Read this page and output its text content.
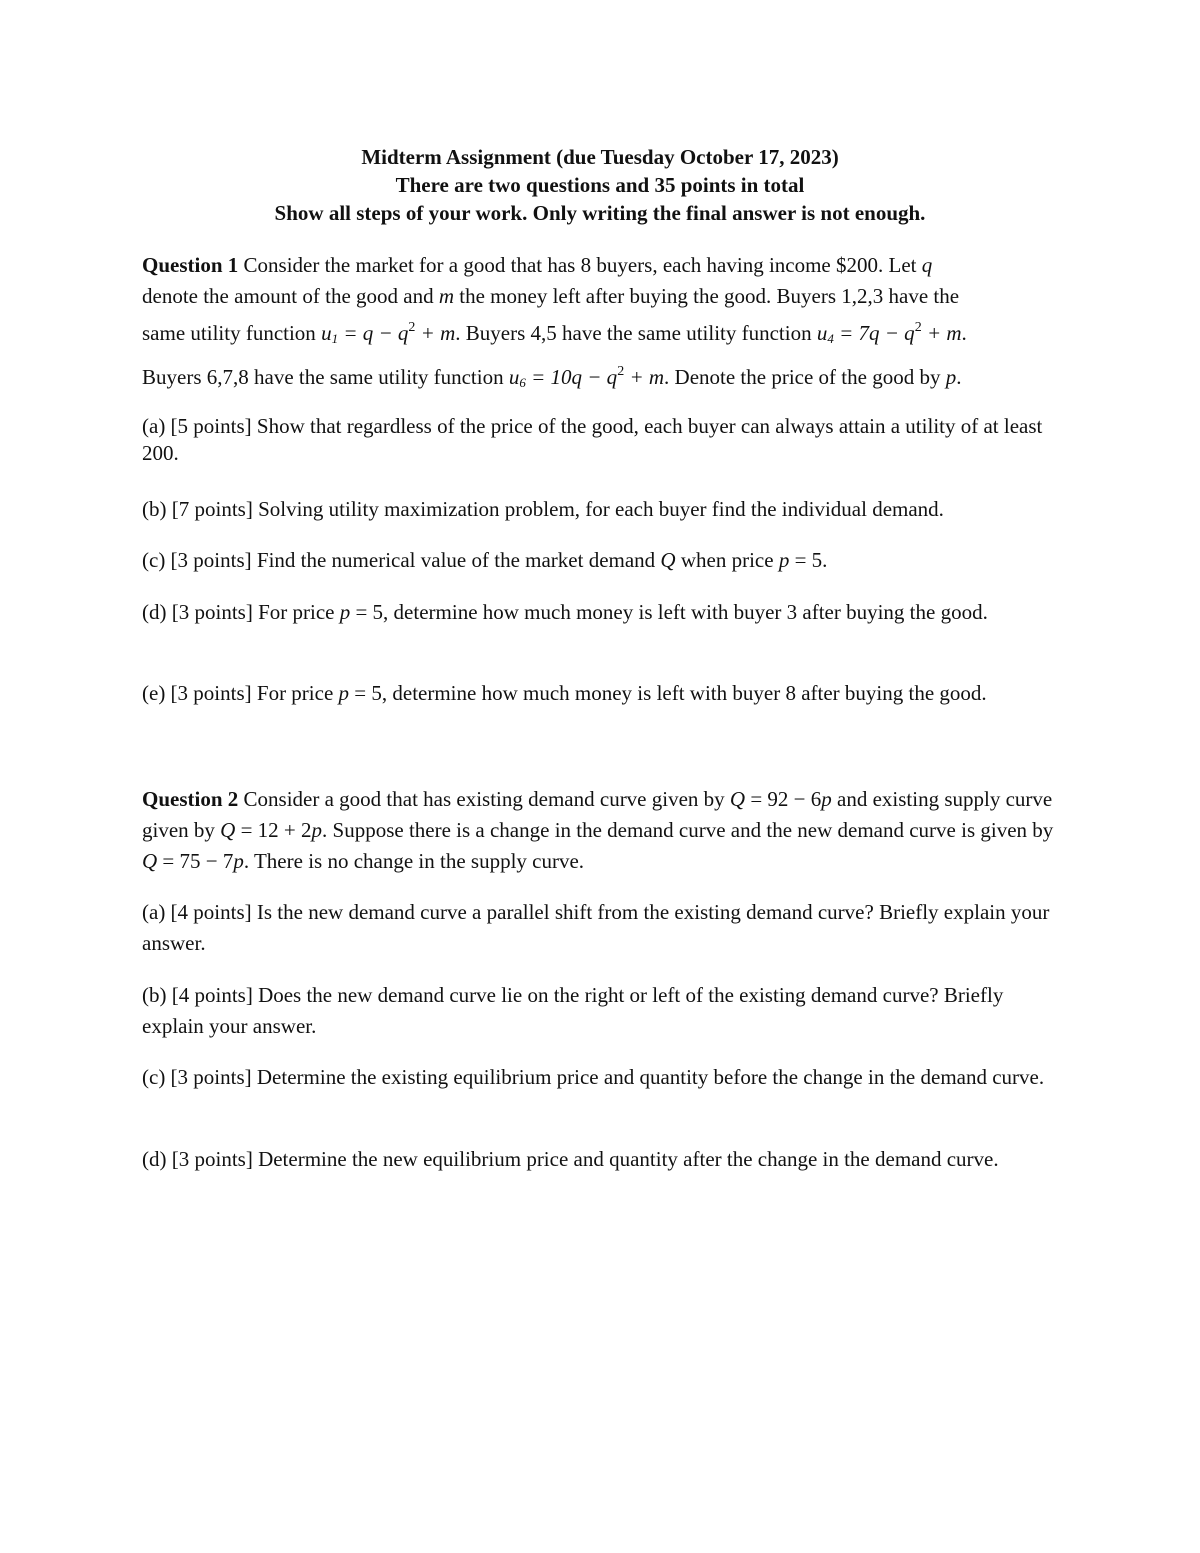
Midterm Assignment (due Tuesday October 17, 2023)
There are two questions and 35 points in total
Show all steps of your work. Only writing the final answer is not enough.
Question 1 Consider the market for a good that has 8 buyers, each having income $200. Let q
denote the amount of the good and m the money left after buying the good. Buyers 1,2,3 have the
same utility function $u_1 = q - q^2 + m$. Buyers 4,5 have the same utility function $u_4 = 7q - q^2 + m$.
Buyers 6,7,8 have the same utility function $u_6 = 10q - q^2 + m$. Denote the price of the good by p.
(a) [5 points] Show that regardless of the price of the good, each buyer can always attain a utility of at least 200.
(b) [7 points] Solving utility maximization problem, for each buyer find the individual demand.
(c) [3 points] Find the numerical value of the market demand Q when price p = 5.
(d) [3 points] For price p = 5, determine how much money is left with buyer 3 after buying the good.
(e) [3 points] For price p = 5, determine how much money is left with buyer 8 after buying the good.
Question 2 Consider a good that has existing demand curve given by Q = 92 − 6p and existing supply curve given by Q = 12 + 2p. Suppose there is a change in the demand curve and the new demand curve is given by Q = 75 − 7p. There is no change in the supply curve.
(a) [4 points] Is the new demand curve a parallel shift from the existing demand curve? Briefly explain your answer.
(b) [4 points] Does the new demand curve lie on the right or left of the existing demand curve? Briefly explain your answer.
(c) [3 points] Determine the existing equilibrium price and quantity before the change in the demand curve.
(d) [3 points] Determine the new equilibrium price and quantity after the change in the demand curve.
